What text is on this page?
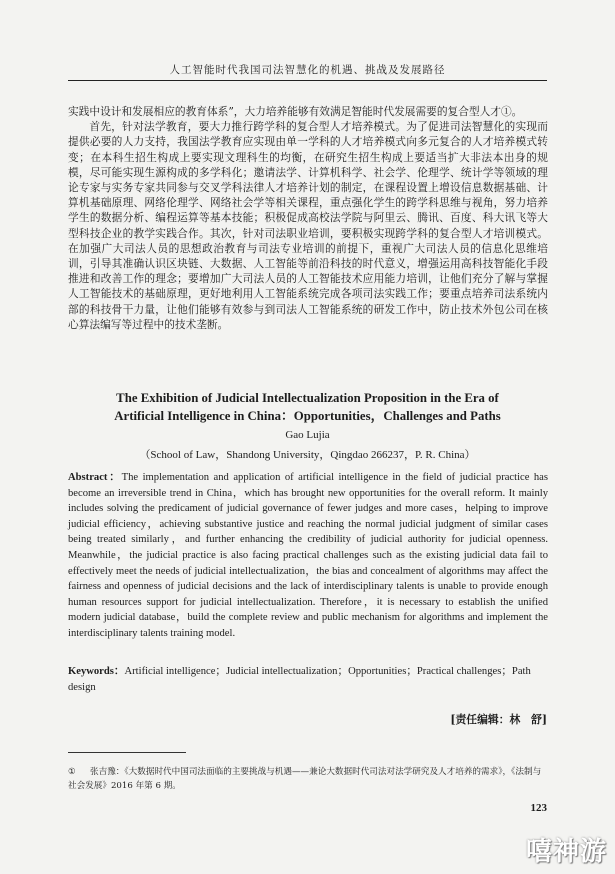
人工智能时代我国司法智慧化的机遇、挑战及发展路径

实践中设计和发展相应的教育体系”，大力培养能够有效满足智能时代发展需要的复合型人才①。

首先，针对法学教育，要大力推行跨学科的复合型人才培养模式。为了促进司法智慧化的实现而提供必要的人力支持，我国法学教育应实现由单一学科的人才培养模式向多元复合的人才培养模式转变；在本科生招生构成上要实现文理科生的均衡，在研究生招生构成上要适当扩大非法本出身的规模，尽可能实现生源构成的多学科化；邀请法学、计算机科学、社会学、伦理学、统计学等领域的理论专家与实务专家共同参与交叉学科法律人才培养计划的制定，在课程设置上增设信息数据基础、计算机基础原理、网络伦理学、网络社会学等相关课程，重点强化学生的跨学科思维与视角，努力培养学生的数据分析、编程运算等基本技能；积极促成高校法学院与阿里云、腾讯、百度、科大讯飞等大型科技企业的教学实践合作。其次，针对司法职业培训，要积极实现跨学科的复合型人才培训模式。在加强广大司法人员的思想政治教育与司法专业培训的前提下，重视广大司法人员的信息化思维培训，引导其准确认识区块链、大数据、人工智能等前沿科技的时代意义，增强运用高科技智能化手段推进和改善工作的理念；要增加广大司法人员的人工智能技术应用能力培训，让他们充分了解与掌握人工智能技术的基础原理，更好地利用人工智能系统完成各项司法实践工作；要重点培养司法系统内部的科技骨干力量，让他们能够有效参与到司法人工智能系统的研发工作中，防止技术外包公司在核心算法编写等过程中的技术垄断。

The Exhibition of Judicial Intellectualization Proposition in the Era of
Artificial Intelligence in China：Opportunities，Challenges and Paths
Gao Lujia
（School of Law，Shandong University，Qingdao 266237，P. R. China）
Abstract：The implementation and application of artificial intelligence in the field of judicial practice has become an irreversible trend in China，which has brought new opportunities for the overall reform. It mainly includes solving the predicament of judicial governance of fewer judges and more cases，helping to improve judicial efficiency，achieving substantive justice and reaching the normal judicial judgment of similar cases being treated similarly，and further enhancing the credibility of judicial authority for judicial openness. Meanwhile，the judicial practice is also facing practical challenges such as the existing judicial data fail to effectively meet the needs of judicial intellectualization，the bias and concealment of algorithms may affect the fairness and openness of judicial decisions and the lack of interdisciplinary talents is unable to provide enough human resources support for judicial intellectualization. Therefore，it is necessary to establish the unified modern judicial database，build the complete review and public mechanism for algorithms and implement the interdisciplinary talents training model.
Keywords：Artificial intelligence；Judicial intellectualization；Opportunities；Practical challenges；Path design
[责任编辑：林　舒]
① 张吉豫：《大数据时代中国司法面临的主要挑战与机遇——兼论大数据时代司法对法学研究及人才培养的需求》，《法制与社会发展》2016 年第 6 期。
123
嘻神游
